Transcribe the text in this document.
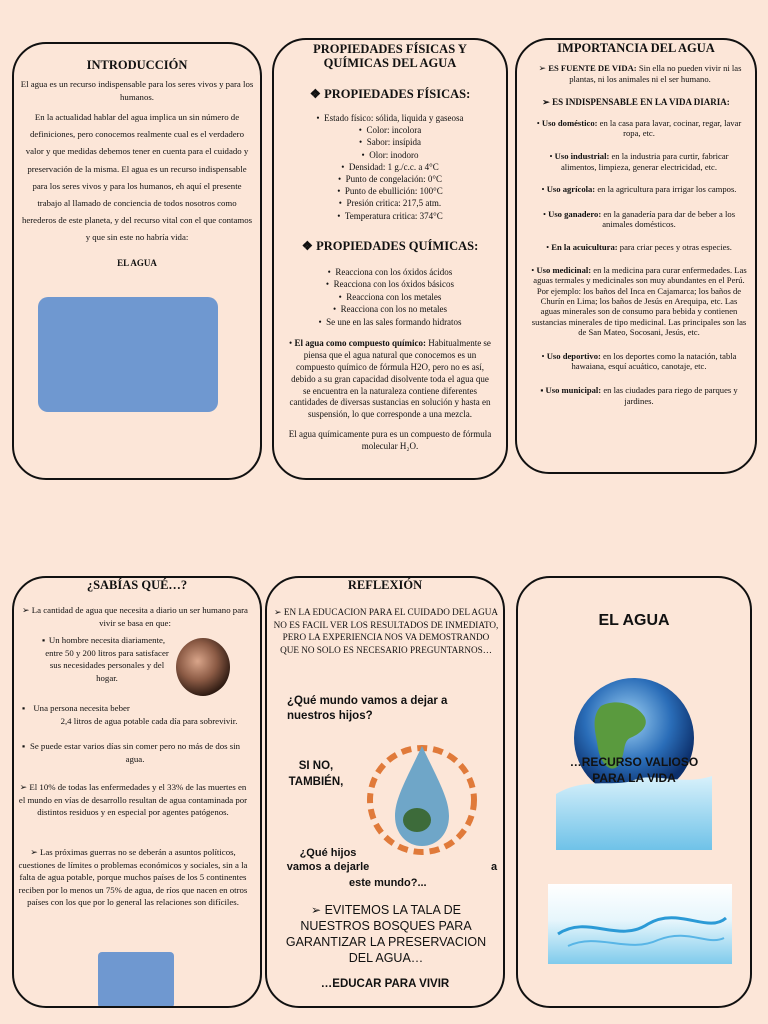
INTRODUCCIÓN
El agua es un recurso indispensable para los seres vivos y para los humanos.
En la actualidad hablar del agua implica un sin número de definiciones, pero conocemos realmente cual es el verdadero valor y que medidas debemos tener en cuenta para el cuidado y preservación de la misma. El agua es un recurso indispensable para los seres vivos y para los humanos, eh aquí el presente trabajo al llamado de conciencia de todos nosotros como herederos de este planeta, y del recurso vital con el que contamos y que sin este no habría vida:
EL AGUA
PROPIEDADES FÍSICAS Y QUÍMICAS DEL AGUA
❖ PROPIEDADES FÍSICAS:
•  Estado físico: sólida, liquida y gaseosa
•  Color: incolora
•  Sabor: insípida
•  Olor: inodoro
•  Densidad: 1 g./c.c. a 4°C
•  Punto de congelación: 0°C
•  Punto de ebullición: 100°C
•  Presión critica: 217,5 atm.
•  Temperatura critica: 374°C
❖ PROPIEDADES QUÍMICAS:
•  Reacciona con los óxidos ácidos
•  Reacciona con los óxidos básicos
•  Reacciona con los metales
•  Reacciona con los no metales
•  Se une en las sales formando hidratos
• El agua como compuesto químico: Habitualmente se piensa que el agua natural que conocemos es un compuesto químico de fórmula H2O, pero no es así, debido a su gran capacidad disolvente toda el agua que se encuentra en la naturaleza contiene diferentes cantidades de diversas sustancias en solución y hasta en suspensión, lo que corresponde a una mezcla.
El agua químicamente pura es un compuesto de fórmula molecular H₂O.
IMPORTANCIA DEL AGUA
➢ ES FUENTE DE VIDA: Sin ella no pueden vivir ni las plantas, ni los animales ni el ser humano.
➢ ES INDISPENSABLE EN LA VIDA DIARIA:
• Uso doméstico: en la casa para lavar, cocinar, regar, lavar ropa, etc.
• Uso industrial: en la industria para curtir, fabricar alimentos, limpieza, generar electricidad, etc.
• Uso agrícola: en la agricultura para irrigar los campos.
• Uso ganadero: en la ganadería para dar de beber a los animales domésticos.
• En la acuicultura: para criar peces y otras especies.
• Uso medicinal: en la medicina para curar enfermedades. Las aguas termales y medicinales son muy abundantes en el Perú. Por ejemplo: los baños del Inca en Cajamarca; los baños de Churín en Lima; los baños de Jesús en Arequipa, etc. Las aguas minerales son de consumo para bebida y contienen sustancias minerales de tipo medicinal. Las principales son las de San Mateo, Socosani, Jesús, etc.
• Uso deportivo: en los deportes como la natación, tabla hawaiana, esquí acuático, canotaje, etc.
▪ Uso municipal: en las ciudades para riego de parques y jardines.
¿SABÍAS QUÉ…?
➢ La cantidad de agua que necesita a diario un ser humano para vivir se basa en que:
▪ Un hombre necesita diariamente, entre 50 y 200 litros para satisfacer sus necesidades personales y del hogar.
▪ Una persona necesita beber
2,4 litros de agua potable cada día para sobrevivir.
▪ Se puede estar varios días sin comer pero no más de dos sin agua.
➢ El 10% de todas las enfermedades y el 33% de las muertes en el mundo en vías de desarrollo resultan de agua contaminada por distintos residuos y en especial por agentes patógenos.
➢ Las próximas guerras no se deberán a asuntos políticos, cuestiones de límites o problemas económicos y sociales, sin a la falta de agua potable, porque muchos países de los 5 continentes reciben por lo menos un 75% de agua, de ríos que nacen en otros países con los que por lo general las relaciones son difíciles.
REFLEXIÓN
➢ EN LA EDUCACION PARA EL CUIDADO DEL AGUA NO ES FACIL VER LOS RESULTADOS DE INMEDIATO, PERO LA EXPERIENCIA NOS VA DEMOSTRANDO QUE NO SOLO ES NECESARIO PREGUNTARNOS…
¿Qué mundo vamos a dejar a nuestros hijos?
SI NO, TAMBIÉN,
¿Qué hijos vamos a dejarle	a
este mundo?...
➢ EVITEMOS LA TALA DE NUESTROS BOSQUES PARA GARANTIZAR LA PRESERVACION DEL AGUA…
…EDUCAR PARA VIVIR
EL AGUA
…RECURSO VALIOSO PARA LA VIDA
